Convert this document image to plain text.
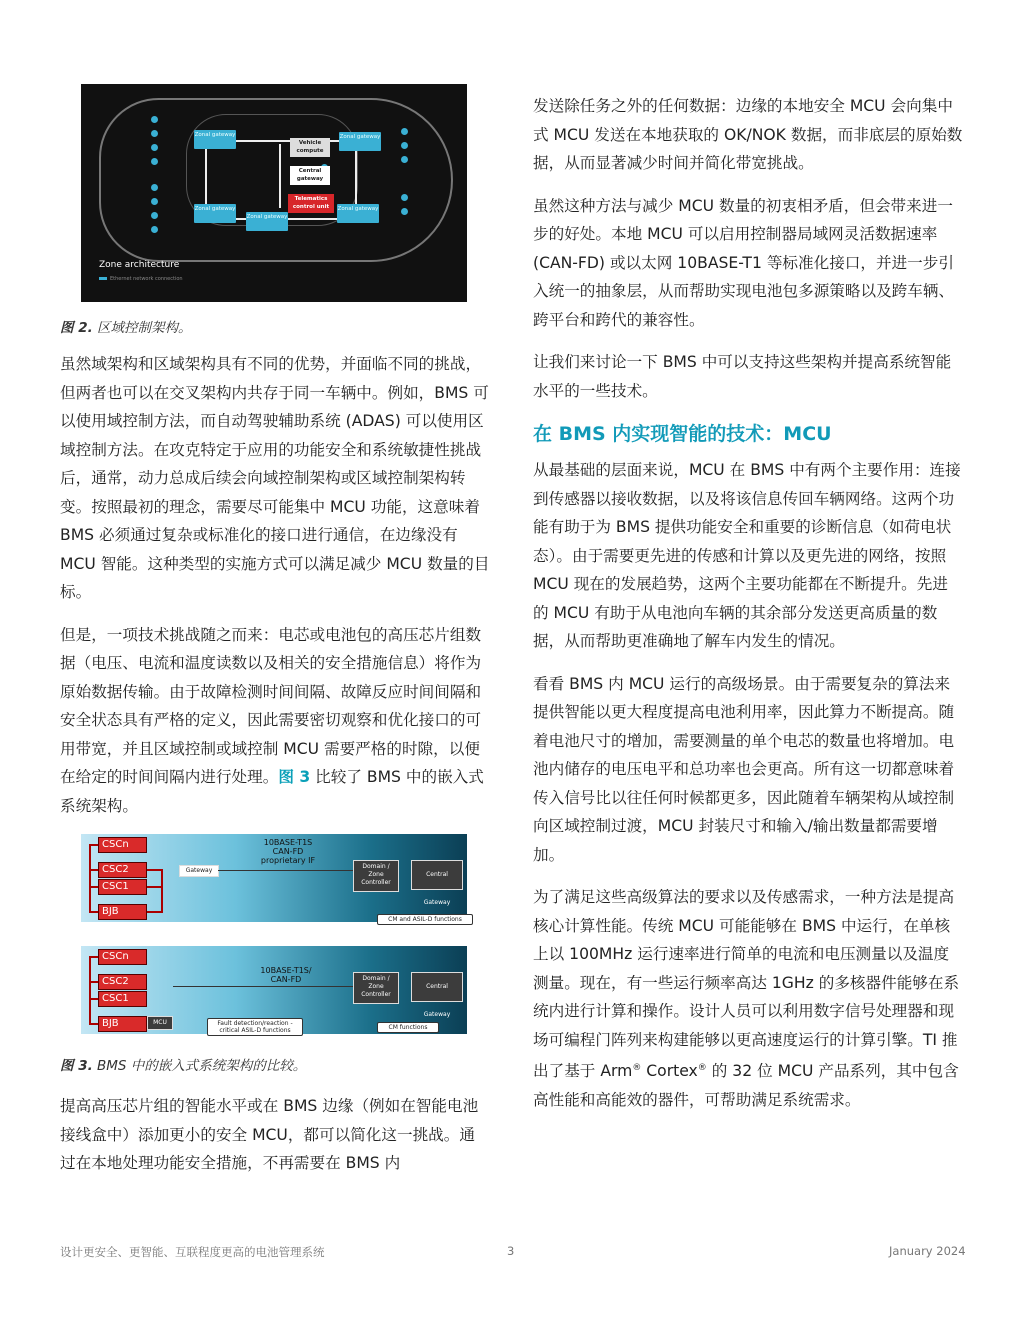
Zonal gateway	Zonal gateway
Zonal gateway
Zonal gateway
Zonal gateway
Vehicle compute
Central gateway
Telematics control unit
Zone architecture
Ethernet network connection

图 2. 区域控制架构。

虽然域架构和区域架构具有不同的优势，并面临不同的挑战，但两者也可以在交叉架构内共存于同一车辆中。例如，BMS 可以使用域控制方法，而自动驾驶辅助系统 (ADAS) 可以使用区域控制方法。在攻克特定于应用的功能安全和系统敏捷性挑战后，通常，动力总成后续会向域控制架构或区域控制架构转变。按照最初的理念，需要尽可能集中 MCU 功能，这意味着 BMS 必须通过复杂或标准化的接口进行通信，在边缘没有 MCU 智能。这种类型的实施方式可以满足减少 MCU 数量的目标。

但是，一项技术挑战随之而来：电芯或电池包的高压芯片组数据（电压、电流和温度读数以及相关的安全措施信息）将作为原始数据传输。由于故障检测时间间隔、故障反应时间间隔和安全状态具有严格的定义，因此需要密切观察和优化接口的可用带宽，并且区域控制或域控制 MCU 需要严格的时隙，以便在给定的时间间隔内进行处理。图 3 比较了 BMS 中的嵌入式系统架构。

CSCn
CSC2
CSC1
BJB
Gateway
10BASE-T1S
CAN-FD
proprietary IF
Domain / Zone Controller
Central Gateway
CM and ASIL-D functions
CSCn
CSC2
CSC1
BJB	MCU
10BASE-T1S/
CAN-FD	Domain / Zone Controller
Central Gateway
Fault detection/reaction - critical ASIL-D functions	CM functions

图 3. BMS 中的嵌入式系统架构的比较。

提高高压芯片组的智能水平或在 BMS 边缘（例如在智能电池接线盒中）添加更小的安全 MCU，都可以简化这一挑战。通过在本地处理功能安全措施，不再需要在 BMS 内

发送除任务之外的任何数据：边缘的本地安全 MCU 会向集中式 MCU 发送在本地获取的 OK/NOK 数据，而非底层的原始数据，从而显著减少时间并简化带宽挑战。

虽然这种方法与减少 MCU 数量的初衷相矛盾，但会带来进一步的好处。本地 MCU 可以启用控制器局域网灵活数据速率 (CAN-FD) 或以太网 10BASE-T1 等标准化接口，并进一步引入统一的抽象层，从而帮助实现电池包多源策略以及跨车辆、跨平台和跨代的兼容性。

让我们来讨论一下 BMS 中可以支持这些架构并提高系统智能水平的一些技术。

在 BMS 内实现智能的技术：MCU

从最基础的层面来说，MCU 在 BMS 中有两个主要作用：连接到传感器以接收数据，以及将该信息传回车辆网络。这两个功能有助于为 BMS 提供功能安全和重要的诊断信息（如荷电状态）。由于需要更先进的传感和计算以及更先进的网络，按照 MCU 现在的发展趋势，这两个主要功能都在不断提升。先进的 MCU 有助于从电池向车辆的其余部分发送更高质量的数据，从而帮助更准确地了解车内发生的情况。

看看 BMS 内 MCU 运行的高级场景。由于需要复杂的算法来提供智能以更大程度提高电池利用率，因此算力不断提高。随着电池尺寸的增加，需要测量的单个电芯的数量也将增加。电池内储存的电压电平和总功率也会更高。所有这一切都意味着传入信号比以往任何时候都更多，因此随着车辆架构从域控制向区域控制过渡，MCU 封装尺寸和输入/输出数量都需要增加。

为了满足这些高级算法的要求以及传感需求，一种方法是提高核心计算性能。传统 MCU 可能能够在 BMS 中运行，在单核上以 100MHz 运行速率进行简单的电流和电压测量以及温度测量。现在，有一些运行频率高达 1GHz 的多核器件能够在系统内进行计算和操作。设计人员可以利用数字信号处理器和现场可编程门阵列来构建能够以更高速度运行的计算引擎。TI 推出了基于 Arm® Cortex® 的 32 位 MCU 产品系列，其中包含高性能和高能效的器件，可帮助满足系统需求。

设计更安全、更智能、互联程度更高的电池管理系统	3	January 2024
